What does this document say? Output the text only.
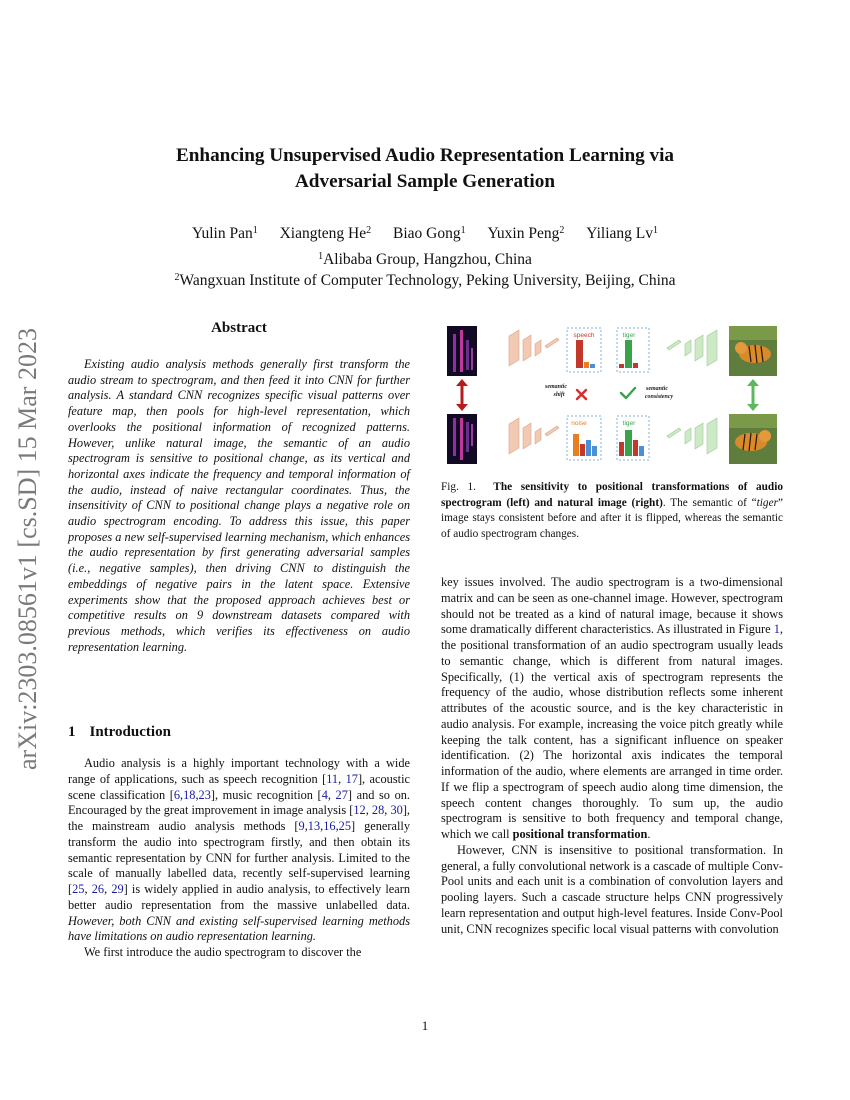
arXiv:2303.08561v1 [cs.SD] 15 Mar 2023
Enhancing Unsupervised Audio Representation Learning via
Adversarial Sample Generation
Yulin Pan$^1$ Xiangteng He$^2$ Biao Gong$^1$ Yuxin Peng$^2$ Yiliang Lv$^1$
$^1$Alibaba Group, Hangzhou, China
$^2$Wangxuan Institute of Computer Technology, Peking University, Beijing, China
Abstract
Existing audio analysis methods generally first transform the audio stream to spectrogram, and then feed it into CNN for further analysis. A standard CNN recognizes specific visual patterns over feature map, then pools for high-level representation, which overlooks the positional information of recognized patterns. However, unlike natural image, the semantic of an audio spectrogram is sensitive to positional change, as its vertical and horizontal axes indicate the frequency and temporal information of the audio, instead of naive rectangular coordinates. Thus, the insensitivity of CNN to positional change plays a negative role on audio spectrogram encoding. To address this issue, this paper proposes a new self-supervised learning mechanism, which enhances the audio representation by first generating adversarial samples (i.e., negative samples), then driving CNN to distinguish the embeddings of negative pairs in the latent space. Extensive experiments show that the proposed approach achieves best or competitive results on 9 downstream datasets compared with previous methods, which verifies its effectiveness on audio representation learning.
1 Introduction

Audio analysis is a highly important technology with a wide range of applications, such as speech recognition [11, 17], acoustic scene classification [6,18,23], music recognition [4, 27] and so on. Encouraged by the great improvement in image analysis [12, 28, 30], the mainstream audio analysis methods [9,13,16,25] generally transform the audio into spectrogram firstly, and then obtain its semantic representation by CNN for further analysis. Limited to the scale of manually labelled data, recently self-supervised learning [25, 26, 29] is widely applied in audio analysis, to effectively learn better audio representation from the massive unlabelled data. However, both CNN and existing self-supervised learning methods have limitations on audio representation learning.

We first introduce the audio spectrogram to discover the

speech
noise
semantic
shift
tiger
tiger
semantic
consistency
Fig. 1. The sensitivity to positional transformations of audio spectrogram (left) and natural image (right). The semantic of “tiger” image stays consistent before and after it is flipped, whereas the semantic of audio spectrogram changes.

key issues involved. The audio spectrogram is a two-dimensional matrix and can be seen as one-channel image. However, spectrogram should not be treated as a kind of natural image, because it shows some dramatically different characteristics. As illustrated in Figure 1, the positional transformation of an audio spectrogram usually leads to semantic change, which is different from natural images. Specifically, (1) the vertical axis of spectrogram represents the frequency of the audio, whose distribution reflects some inherent attributes of the acoustic source, and is the key characteristic in audio analysis. For example, increasing the voice pitch greatly while keeping the talk content, has a significant influence on speaker identification. (2) The horizontal axis indicates the temporal information of the audio, where elements are arranged in time order. If we flip a spectrogram of speech audio along time dimension, the speech content changes thoroughly. To sum up, the audio spectrogram is sensitive to both frequency and temporal change, which we call positional transformation.

However, CNN is insensitive to positional transformation. In general, a fully convolutional network is a cascade of multiple Conv-Pool units and each unit is a combination of convolution layers and pooling layers. Such a cascade structure helps CNN progressively learn representation and output high-level features. Inside Conv-Pool unit, CNN recognizes specific local visual patterns with convolution

1
